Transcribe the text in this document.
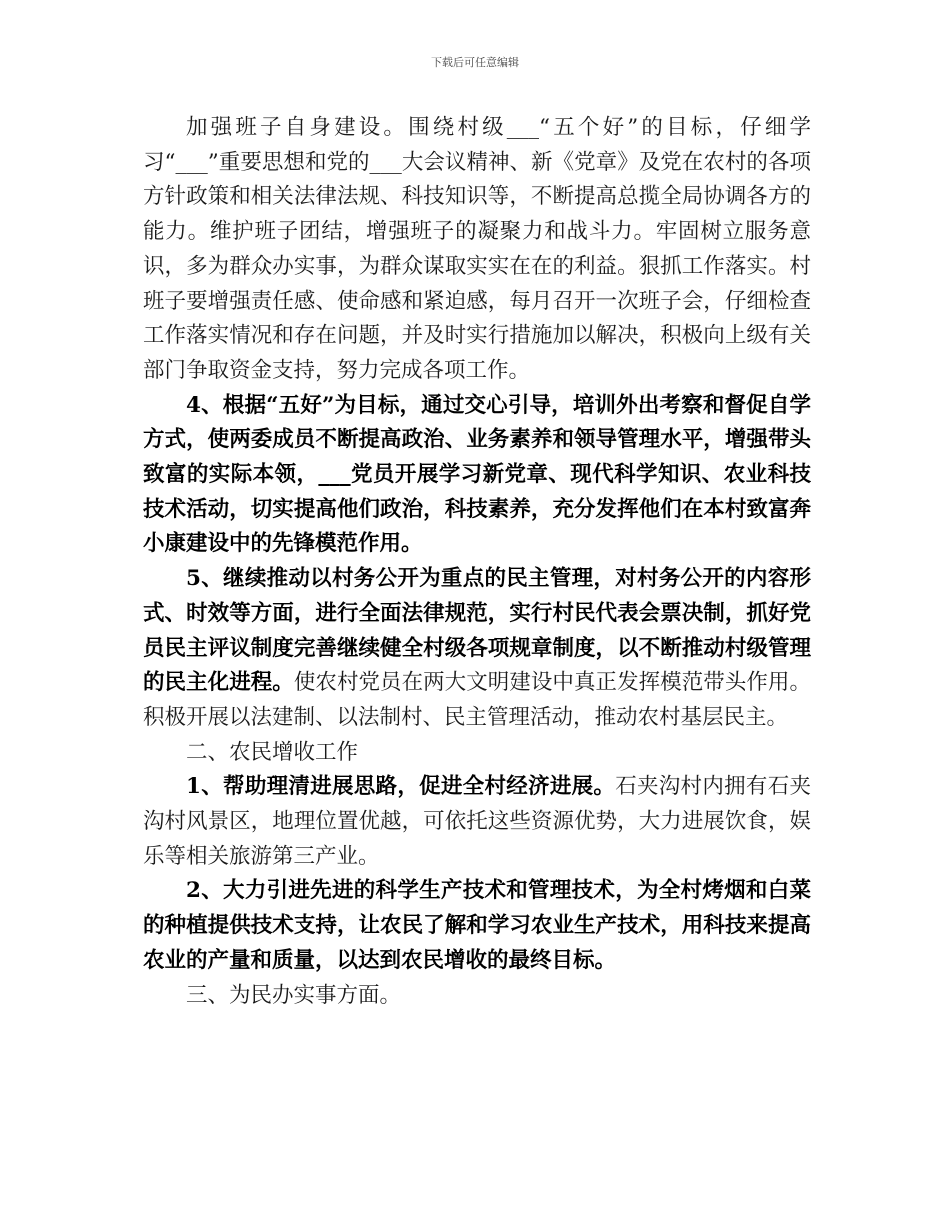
下载后可任意编辑

加强班子自身建设。围绕村级___“五个好”的目标，仔细学习“___”重要思想和党的___大会议精神、新《党章》及党在农村的各项方针政策和相关法律法规、科技知识等，不断提高总揽全局协调各方的能力。维护班子团结，增强班子的凝聚力和战斗力。牢固树立服务意识，多为群众办实事，为群众谋取实实在在的利益。狠抓工作落实。村班子要增强责任感、使命感和紧迫感，每月召开一次班子会，仔细检查工作落实情况和存在问题，并及时实行措施加以解决，积极向上级有关部门争取资金支持，努力完成各项工作。

4、根据“五好”为目标，通过交心引导，培训外出考察和督促自学方式，使两委成员不断提高政治、业务素养和领导管理水平，增强带头致富的实际本领，___党员开展学习新党章、现代科学知识、农业科技技术活动，切实提高他们政治，科技素养，充分发挥他们在本村致富奔小康建设中的先锋模范作用。

5、继续推动以村务公开为重点的民主管理，对村务公开的内容形式、时效等方面，进行全面法律规范，实行村民代表会票决制，抓好党员民主评议制度完善继续健全村级各项规章制度，以不断推动村级管理的民主化进程。使农村党员在两大文明建设中真正发挥模范带头作用。积极开展以法建制、以法制村、民主管理活动，推动农村基层民主。

二、农民增收工作

1、帮助理清进展思路，促进全村经济进展。石夹沟村内拥有石夹沟村风景区，地理位置优越，可依托这些资源优势，大力进展饮食，娱乐等相关旅游第三产业。

2、大力引进先进的科学生产技术和管理技术，为全村烤烟和白菜的种植提供技术支持，让农民了解和学习农业生产技术，用科技来提高农业的产量和质量，以达到农民增收的最终目标。

三、为民办实事方面。
